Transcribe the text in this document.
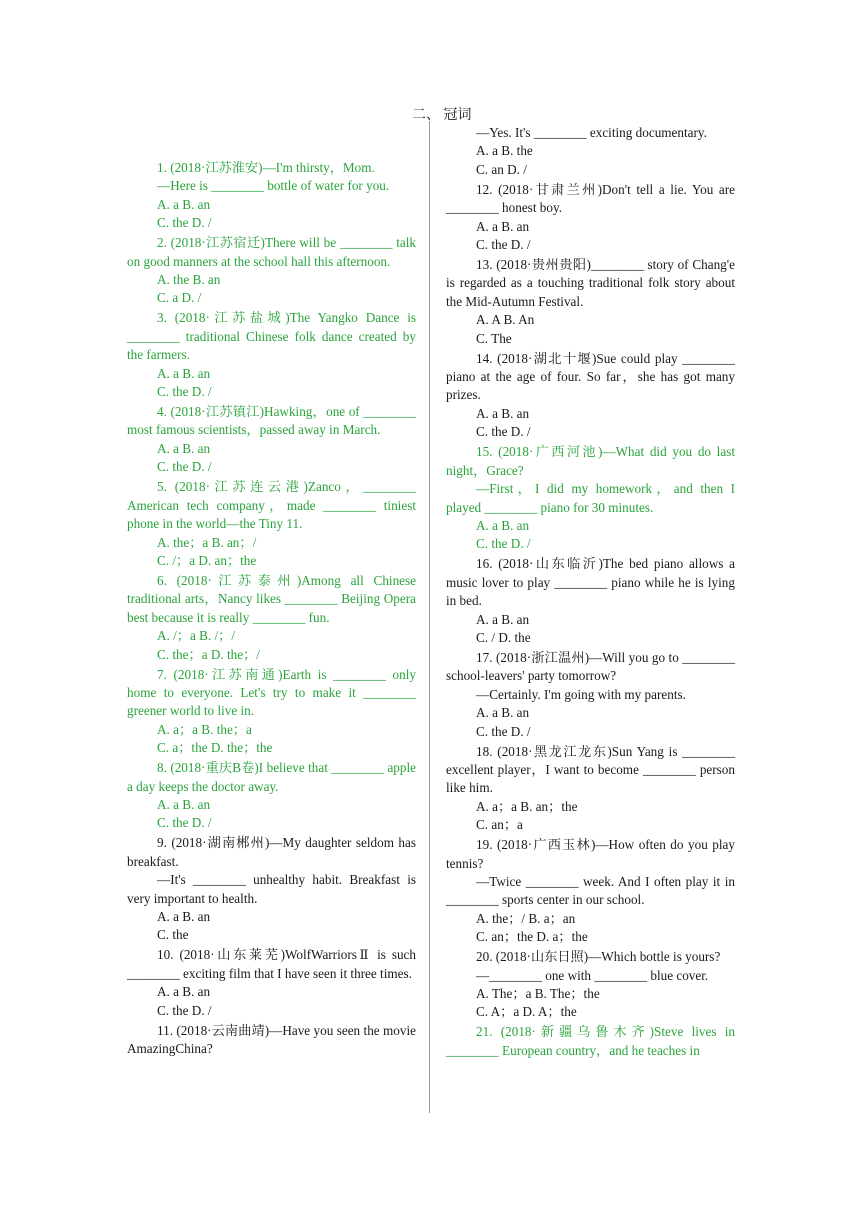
二、 冠词

1. (2018·江苏淮安)—I'm thirsty，Mom.

—Here is ________ bottle of water for you.

A. a B. an

C. the D. /

2. (2018·江苏宿迁)There will be ________ talk on good manners at the school hall this afternoon.

A. the B. an

C. a D. /

3. (2018·江苏盐城)The Yangko Dance is ________ traditional Chinese folk dance created by the farmers.

A. a B. an

C. the D. /

4. (2018·江苏镇江)Hawking，one of ________ most famous scientists，passed away in March.

A. a B. an

C. the D. /

5. (2018·江苏连云港)Zanco，________ American tech company，made ________ tiniest phone in the world—the Tiny 11.

A. the；a B. an；/

C. /；a D. an；the

6. (2018·江苏泰州)Among all Chinese traditional arts，Nancy likes ________ Beijing Opera best because it is really ________ fun.

A. /；a B. /；/

C. the；a D. the；/

7. (2018·江苏南通)Earth is ________ only home to everyone. Let's try to make it ________ greener world to live in.

A. a；a B. the；a

C. a；the D. the；the

8. (2018·重庆B卷)I believe that ________ apple a day keeps the doctor away.

A. a B. an

C. the D. /

9. (2018·湖南郴州)—My daughter seldom has breakfast.

—It's ________ unhealthy habit. Breakfast is very important to health.

A. a B. an

C. the

10. (2018·山东莱芜)WolfWarriorsⅡ is such ________ exciting film that I have seen it three times.

A. a B. an

C. the D. /

11. (2018·云南曲靖)—Have you seen the movie AmazingChina?

—Yes. It's ________ exciting documentary.

A. a B. the

C. an D. /

12. (2018·甘肃兰州)Don't tell a lie. You are ________ honest boy.

A. a B. an

C. the D. /

13. (2018·贵州贵阳)________ story of Chang'e is regarded as a touching traditional folk story about the Mid-Autumn Festival.

A. A B. An

C. The

14. (2018·湖北十堰)Sue could play ________ piano at the age of four. So far，she has got many prizes.

A. a B. an

C. the D. /

15. (2018·广西河池)—What did you do last night，Grace?

—First，I did my homework，and then I played ________ piano for 30 minutes.

A. a B. an

C. the D. /

16. (2018·山东临沂)The bed piano allows a music lover to play ________ piano while he is lying in bed.

A. a B. an

C. / D. the

17. (2018·浙江温州)—Will you go to ________ school-leavers' party tomorrow?

—Certainly. I'm going with my parents.

A. a B. an

C. the D. /

18. (2018·黑龙江龙东)Sun Yang is ________ excellent player，I want to become ________ person like him.

A. a；a B. an；the

C. an；a

19. (2018·广西玉林)—How often do you play tennis?

—Twice ________ week. And I often play it in ________ sports center in our school.

A. the；/ B. a；an

C. an；the D. a；the

20. (2018·山东日照)—Which bottle is yours?

—________ one with ________ blue cover.

A. The；a B. The；the

C. A；a D. A；the

21. (2018·新疆乌鲁木齐)Steve lives in ________ European country，and he teaches in
